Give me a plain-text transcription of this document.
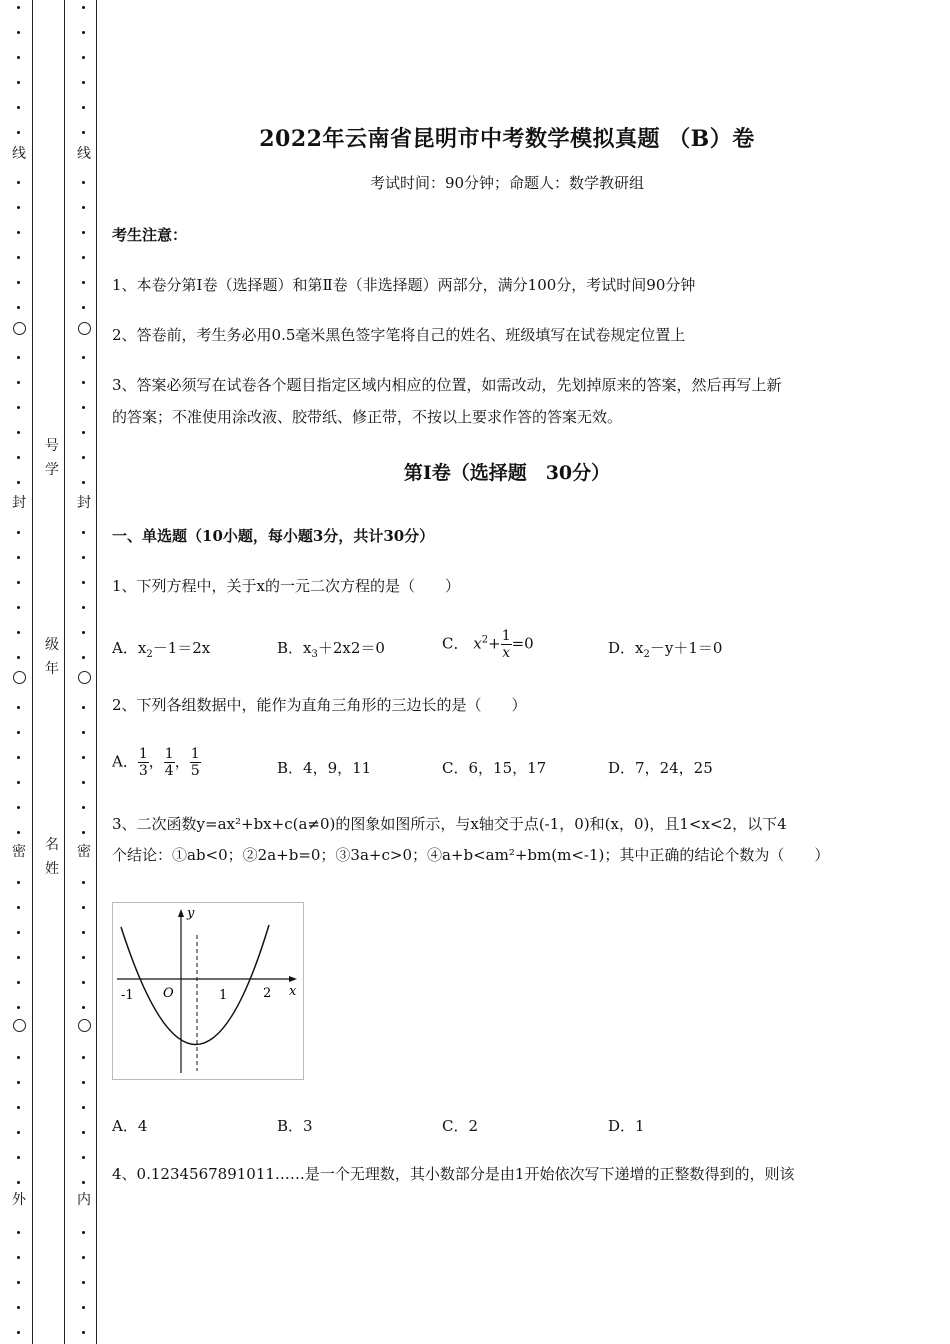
线
封
密
外
线
封
密
内
号
学
级
年
名
姓
2022年云南省昆明市中考数学模拟真题 （B）卷
考试时间：90分钟；命题人：数学教研组
考生注意：
1、本卷分第Ⅰ卷（选择题）和第Ⅱ卷（非选择题）两部分，满分100分，考试时间90分钟
2、答卷前，考生务必用0.5毫米黑色签字笔将自己的姓名、班级填写在试卷规定位置上
3、答案必须写在试卷各个题目指定区域内相应的位置，如需改动，先划掉原来的答案，然后再写上新
的答案；不准使用涂改液、胶带纸、修正带，不按以上要求作答的答案无效。
第Ⅰ卷（选择题　30分）
一、单选题（10小题，每小题3分，共计30分）
1、下列方程中，关于x的一元二次方程的是（　　）
A．$x_2-1=2x$	B．$x_3+2x2=0$	C． $x^2+ \frac{1}{x} =0$	D．$x_2-y+1=0$
2、下列各组数据中，能作为直角三角形的三边长的是（　　）
A． $\frac{1}{3}$ ， $\frac{1}{4}$ ， $\frac{1}{5}$	B．4，9，11	C．6，15，17	D．7，24，25
3、二次函数y=ax²+bx+c(a≠0)的图象如图所示，与x轴交于点(-1，0)和(x，0)，且1<x<2，以下4
个结论：①ab<0；②2a+b=0；③3a+c>0；④a+b<am²+bm(m<-1)；其中正确的结论个数为（　　）
y
x
O
-1	1	2
A．4	B．3	C．2	D．1
4、0.1234567891011……是一个无理数，其小数部分是由1开始依次写下递增的正整数得到的，则该
